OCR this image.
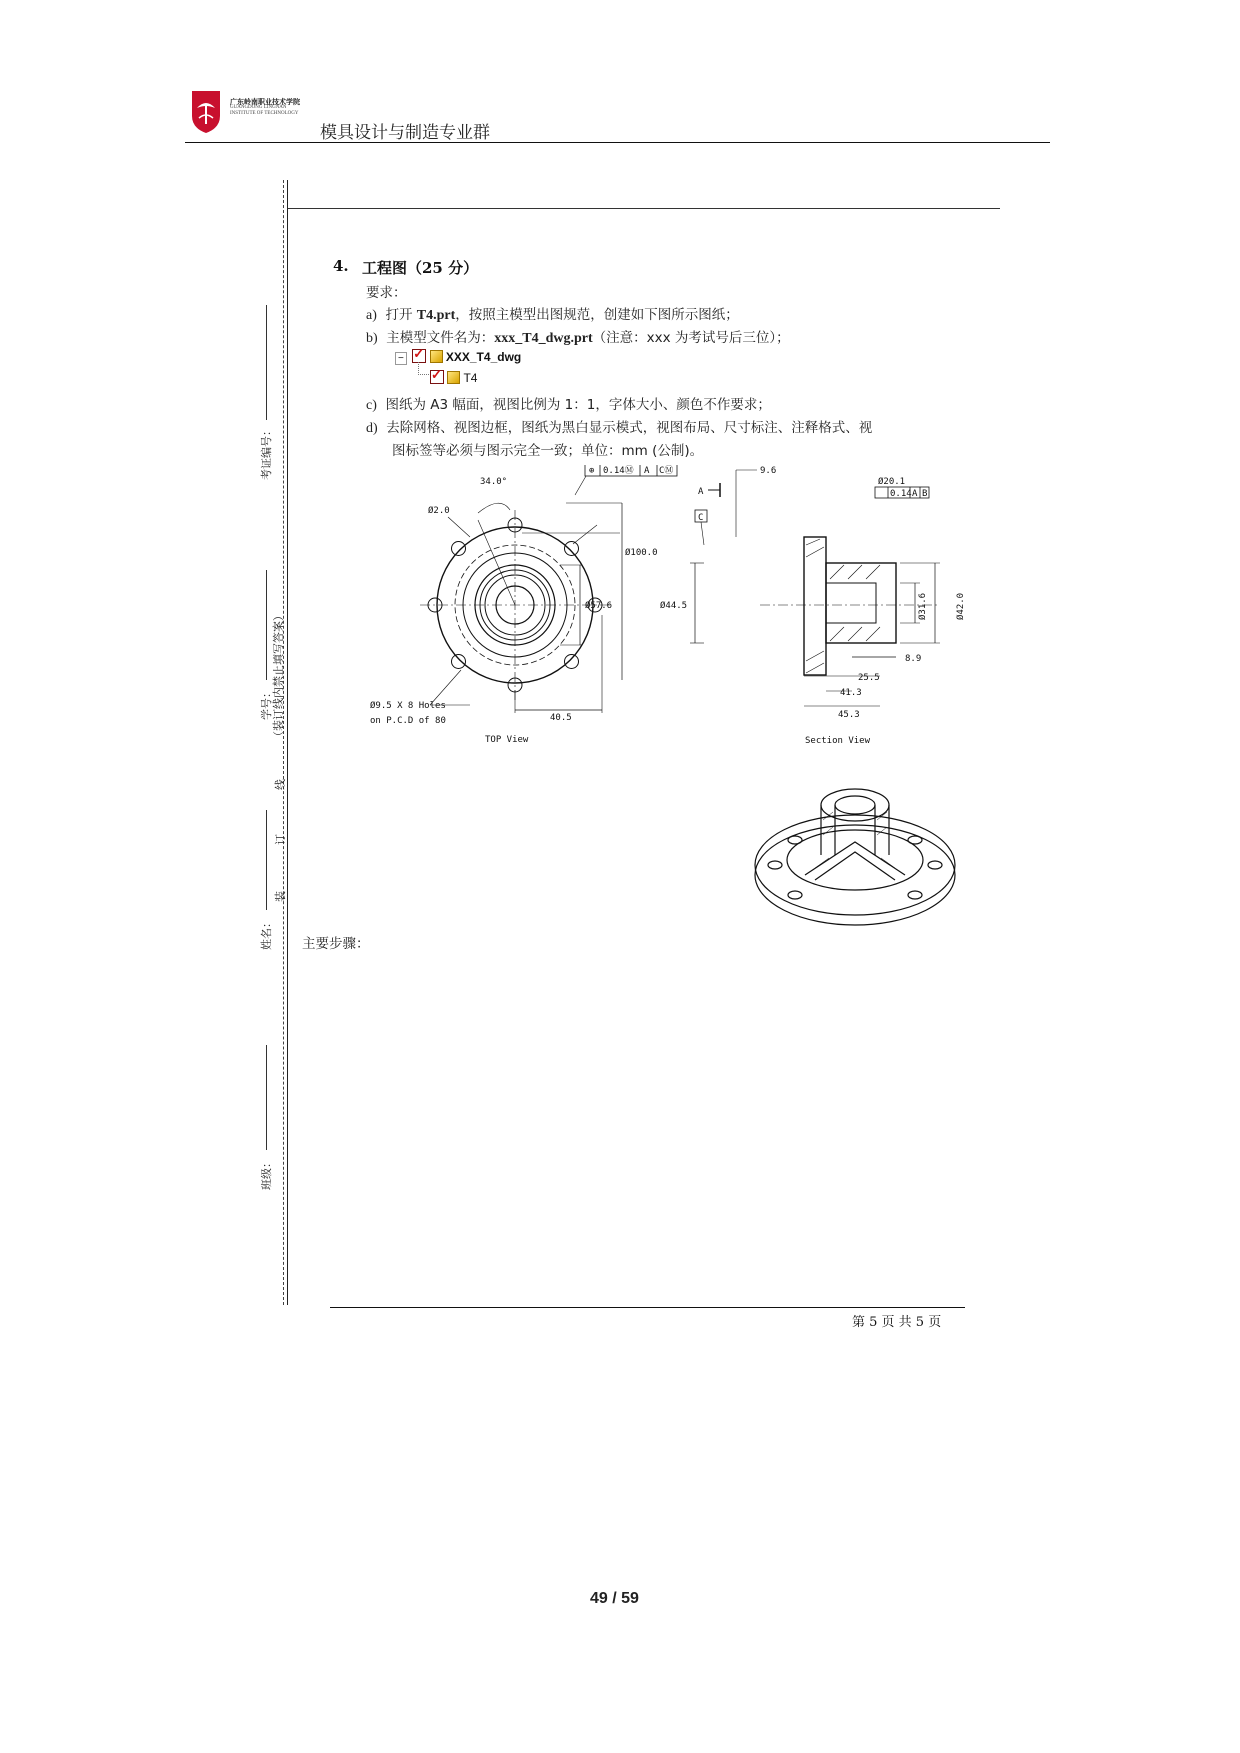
广东岭南职业技术学院
GUANGDONG LINGNAN
INSTITUTE OF TECHNOLOGY
模具设计与制造专业群
考证编号：
学号： （装订线内禁止填写答案）
线
订
装
姓名：
班级：
4. 工程图（25 分）
要求：
a) 打开 T4.prt，按照主模型出图规范，创建如下图所示图纸；
b) 主模型文件名为：xxx_T4_dwg.prt（注意：xxx 为考试号后三位）；
− ✓	XXX_T4_dwg
✓  T4
c) 图纸为 A3 幅面，视图比例为 1：1，字体大小、颜色不作要求；
d) 去除网格、视图边框，图纸为黑白显示模式，视图布局、尺寸标注、注释格式、视
图标签等必须与图示完全一致；单位：mm (公制)。
34.0°
Ø2.0
⊕ 0.14Ⓜ A CⓂ
Ø100.0
Ø57.6
Ø9.5 X 8 Holes
on P.C.D of 80	40.5
TOP View
A
C
9.6
Ø20.1
0.14 A B
Ø44.5	Ø31.6	Ø42.0
8.9
25.5
41.3
45.3
Section View
主要步骤：
第 5 页 共 5 页
49 / 59
